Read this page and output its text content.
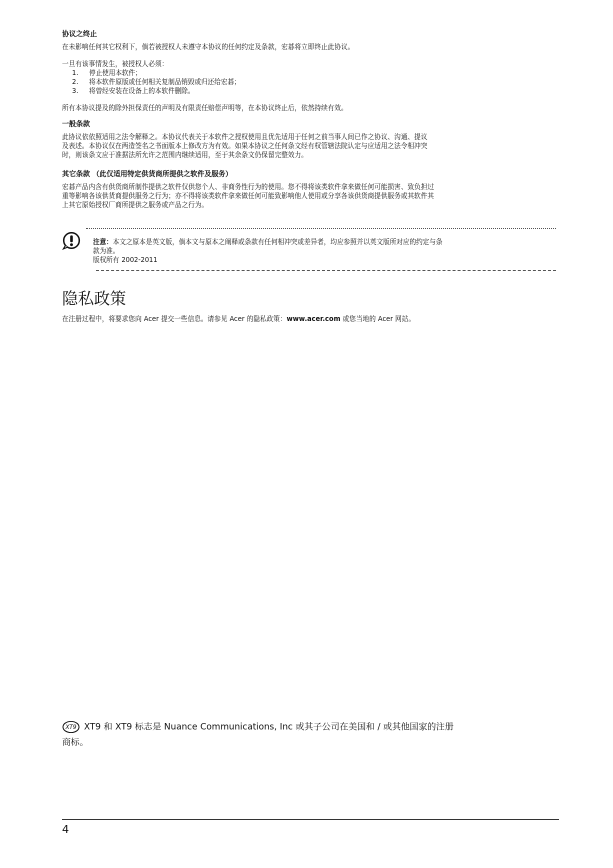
协议之终止
在未影响任何其它权利下，倘若被授权人未遵守本协议的任何约定及条款，宏碁将立即终止此协议。
一旦有该事情发生，被授权人必须：
1.	停止使用本软件；
2.	将本软件原版或任何相关复制品销毁或归还给宏碁；
3.	将曾经安装在设备上的本软件删除。
所有本协议提及的除外担保责任的声明及有限责任赔偿声明等，在本协议终止后，依然持续有效。
一般条款
此协议依依照适用之法令解释之。本协议代表关于本软件之授权使用且优先适用于任何之前当事人间已作之协议、沟通、提议
及表述。本协议仅在两造签名之书面版本上修改方为有效。如果本协议之任何条文经有权管辖法院认定与应适用之法令相冲突
时，则该条文应于准据法所允许之范围内继续适用，至于其余条文仍保留完整效力。
其它条款 （此仅适用特定供货商所提供之软件及服务）
宏碁产品内含有供货商所制作提供之软件仅供您个人、非商务性行为的使用。您不得将该类软件拿来做任何可能损害、致负担过
重等影响各该供货商提供服务之行为；亦不得将该类软件拿来做任何可能致影响他人使用或分享各该供货商提供服务或其软件其
上其它原始授权厂商所提供之服务或产品之行为。
注意：本文之原本是英文版，倘本文与原本之阐释或条款有任何相冲突或差异者，均应参照并以英文版所对应的约定与条
款为准。
版权所有 2002-2011
隐私政策
在注册过程中，将要求您向 Acer 提交一些信息。请参见 Acer 的隐私政策：www.acer.com 或您当地的 Acer 网站。
XT9 XT9 和 XT9 标志是 Nuance Communications, Inc 或其子公司在美国和 / 或其他国家的注册
商标。
4
